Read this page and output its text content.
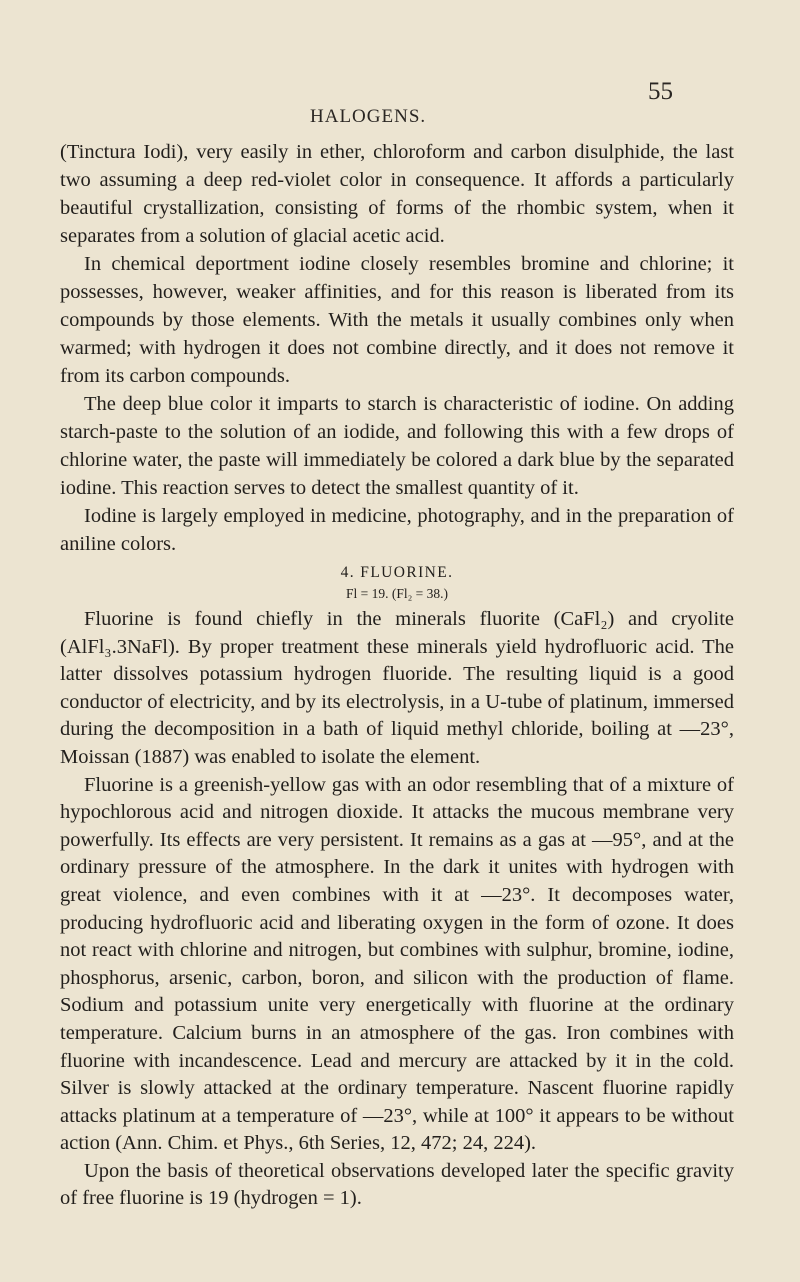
HALOGENS.
55

(Tinctura Iodi), very easily in ether, chloroform and carbon disulphide, the last two assuming a deep red-violet color in consequence. It affords a particularly beautiful crystallization, consisting of forms of the rhombic system, when it separates from a solution of glacial acetic acid.

In chemical deportment iodine closely resembles bromine and chlorine; it possesses, however, weaker affinities, and for this reason is liberated from its compounds by those elements. With the metals it usually combines only when warmed; with hydrogen it does not combine directly, and it does not remove it from its carbon compounds.

The deep blue color it imparts to starch is characteristic of iodine. On adding starch-paste to the solution of an iodide, and following this with a few drops of chlorine water, the paste will immediately be colored a dark blue by the separated iodine. This reaction serves to detect the smallest quantity of it.

Iodine is largely employed in medicine, photography, and in the preparation of aniline colors.

4. FLUORINE.
Fl = 19. (Fl₂ = 38.)

Fluorine is found chiefly in the minerals fluorite (CaFl₂) and cryolite (AlFl₃.3NaFl). By proper treatment these minerals yield hydrofluoric acid. The latter dissolves potassium hydrogen fluoride. The resulting liquid is a good conductor of electricity, and by its electrolysis, in a U-tube of platinum, immersed during the decomposition in a bath of liquid methyl chloride, boiling at —23°, Moissan (1887) was enabled to isolate the element.

Fluorine is a greenish-yellow gas with an odor resembling that of a mixture of hypochlorous acid and nitrogen dioxide. It attacks the mucous membrane very powerfully. Its effects are very persistent. It remains as a gas at —95°, and at the ordinary pressure of the atmosphere. In the dark it unites with hydrogen with great violence, and even combines with it at —23°. It decomposes water, producing hydrofluoric acid and liberating oxygen in the form of ozone. It does not react with chlorine and nitrogen, but combines with sulphur, bromine, iodine, phosphorus, arsenic, carbon, boron, and silicon with the production of flame. Sodium and potassium unite very energetically with fluorine at the ordinary temperature. Calcium burns in an atmosphere of the gas. Iron combines with fluorine with incandescence. Lead and mercury are attacked by it in the cold. Silver is slowly attacked at the ordinary temperature. Nascent fluorine rapidly attacks platinum at a temperature of —23°, while at 100° it appears to be without action (Ann. Chim. et Phys., 6th Series, 12, 472; 24, 224).

Upon the basis of theoretical observations developed later the specific gravity of free fluorine is 19 (hydrogen = 1).
